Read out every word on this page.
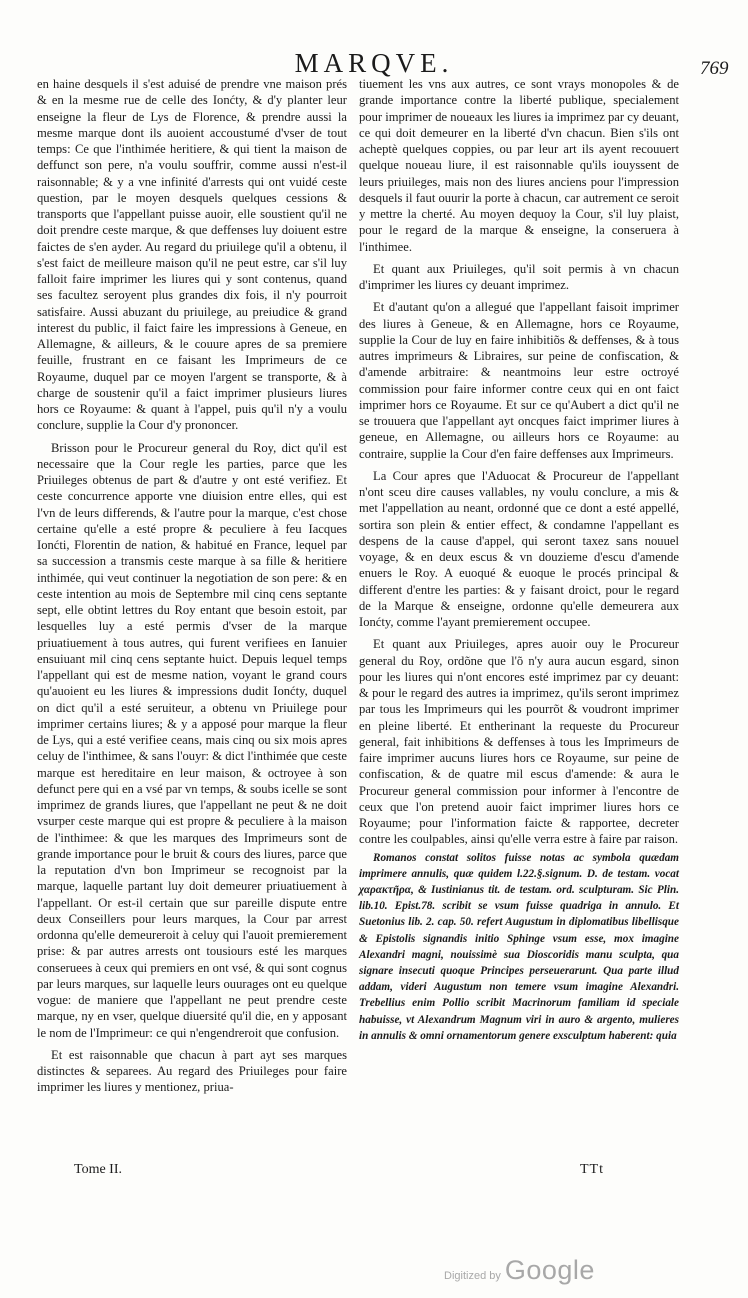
MARQVE.	769

en haine desquels il s'est aduisé de prendre vne maison prés & en la mesme rue de celle des Ionćty, & d'y planter leur enseigne la fleur de Lys de Florence, & prendre aussi la mesme marque dont ils auoient accoustumé d'vser de tout temps: Ce que l'inthimée heritiere, & qui tient la maison de deffunct son pere, n'a voulu souffrir, comme aussi n'est-il raisonnable; & y a vne infinité d'arrests qui ont vuidé ceste question, par le moyen desquels quelques cessions & transports que l'appellant puisse auoir, elle soustient qu'il ne doit prendre ceste marque, & que deffenses luy doiuent estre faictes de s'en ayder. Au regard du priuilege qu'il a obtenu, il s'est faict de meilleure maison qu'il ne peut estre, car s'il luy falloit faire imprimer les liures qui y sont contenus, quand ses facultez seroyent plus grandes dix fois, il n'y pourroit satisfaire. Aussi abuzant du priuilege, au preiudice & grand interest du public, il faict faire les impressions à Geneue, en Allemagne, & ailleurs, & le couure apres de sa premiere feuille, frustrant en ce faisant les Imprimeurs de ce Royaume, duquel par ce moyen l'argent se transporte, & à charge de soustenir qu'il a faict imprimer plusieurs liures hors ce Royaume: & quant à l'appel, puis qu'il n'y a voulu conclure, supplie la Cour d'y prononcer.

Brisson pour le Procureur general du Roy, dict qu'il est necessaire que la Cour regle les parties, parce que les Priuileges obtenus de part & d'autre y ont esté verifiez. Et ceste concurrence apporte vne diuision entre elles, qui est l'vn de leurs differends, & l'autre pour la marque, c'est chose certaine qu'elle a esté propre & peculiere à feu Iacques Ionćti, Florentin de nation, & habitué en France, lequel par sa succession a transmis ceste marque à sa fille & heritiere inthimée, qui veut continuer la negotiation de son pere: & en ceste intention au mois de Septembre mil cinq cens septante sept, elle obtint lettres du Roy entant que besoin estoit, par lesquelles luy a esté permis d'vser de la marque priuatiuement à tous autres, qui furent verifiees en Ianuier ensuiuant mil cinq cens septante huict. Depuis lequel temps l'appellant qui est de mesme nation, voyant le grand cours qu'auoient eu les liures & impressions dudit Ionćty, duquel on dict qu'il a esté seruiteur, a obtenu vn Priuilege pour imprimer certains liures; & y a apposé pour marque la fleur de Lys, qui a esté verifiee ceans, mais cinq ou six mois apres celuy de l'inthimee, & sans l'ouyr: & dict l'inthimée que ceste marque est hereditaire en leur maison, & octroyee à son defunct pere qui en a vsé par vn temps, & soubs icelle se sont imprimez de grands liures, que l'appellant ne peut & ne doit vsurper ceste marque qui est propre & peculiere à la maison de l'inthimee: & que les marques des Imprimeurs sont de grande importance pour le bruit & cours des liures, parce que la reputation d'vn bon Imprimeur se recognoist par la marque, laquelle partant luy doit demeurer priuatiuement à l'appellant. Or est-il certain que sur pareille dispute entre deux Conseillers pour leurs marques, la Cour par arrest ordonna qu'elle demeureroit à celuy qui l'auoit premierement prise: & par autres arrests ont tousiours esté les marques conseruees à ceux qui premiers en ont vsé, & qui sont cognus par leurs marques, sur laquelle leurs ouurages ont eu quelque vogue: de maniere que l'appellant ne peut prendre ceste marque, ny en vser, quelque diuersité qu'il die, en y apposant le nom de l'Imprimeur: ce qui n'engendreroit que confusion.

Et est raisonnable que chacun à part ayt ses marques distinctes & separees. Au regard des Priuileges pour faire imprimer les liures y mentionez, priua-

tiuement les vns aux autres, ce sont vrays monopoles & de grande importance contre la liberté publique, specialement pour imprimer de noueaux les liures ia imprimez par cy deuant, ce qui doit demeurer en la liberté d'vn chacun. Bien s'ils ont acheptè quelques coppies, ou par leur art ils ayent recouuert quelque noueau liure, il est raisonnable qu'ils iouyssent de leurs priuileges, mais non des liures anciens pour l'impression desquels il faut ouurir la porte à chacun, car autrement ce seroit y mettre la cherté. Au moyen dequoy la Cour, s'il luy plaist, pour le regard de la marque & enseigne, la conseruera à l'inthimee.

Et quant aux Priuileges, qu'il soit permis à vn chacun d'imprimer les liures cy deuant imprimez.

Et d'autant qu'on a allegué que l'appellant faisoit imprimer des liures à Geneue, & en Allemagne, hors ce Royaume, supplie la Cour de luy en faire inhibitiõs & deffenses, & à tous autres imprimeurs & Libraires, sur peine de confiscation, & d'amende arbitraire: & neantmoins leur estre octroyé commission pour faire informer contre ceux qui en ont faict imprimer hors ce Royaume. Et sur ce qu'Aubert a dict qu'il ne se trouuera que l'appellant ayt oncques faict imprimer liures à geneue, en Allemagne, ou ailleurs hors ce Royaume: au contraire, supplie la Cour d'en faire deffenses aux Imprimeurs.

La Cour apres que l'Aduocat & Procureur de l'appellant n'ont sceu dire causes vallables, ny voulu conclure, a mis & met l'appellation au neant, ordonné que ce dont a esté appellé, sortira son plein & entier effect, & condamne l'appellant es despens de la cause d'appel, qui seront taxez sans nouuel voyage, & en deux escus & vn douzieme d'escu d'amende enuers le Roy. A euoqué & euoque le procés principal & different d'entre les parties: & y faisant droict, pour le regard de la Marque & enseigne, ordonne qu'elle demeurera aux Ionćty, comme l'ayant premierement occupee.

Et quant aux Priuileges, apres auoir ouy le Procureur general du Roy, ordõne que l'õ n'y aura aucun esgard, sinon pour les liures qui n'ont encores esté imprimez par cy deuant: & pour le regard des autres ia imprimez, qu'ils seront imprimez par tous les Imprimeurs qui les pourrõt & voudront imprimer en pleine liberté. Et entherinant la requeste du Procureur general, fait inhibitions & deffenses à tous les Imprimeurs de faire imprimer aucuns liures hors ce Royaume, sur peine de confiscation, & de quatre mil escus d'amende: & aura le Procureur general commission pour informer à l'encontre de ceux que l'on pretend auoir faict imprimer liures hors ce Royaume; pour l'information faicte & rapportee, decreter contre les coulpables, ainsi qu'elle verra estre à faire par raison.

Romanos constat solitos fuisse notas ac symbola quædam imprimere annulis, quæ quidem l.22.§.signum. D. de testam. vocat χαρακτῆρα, & Iustinianus tit. de testam. ord. sculpturam. Sic Plin. lib.10. Epist.78. scribit se vsum fuisse quadriga in annulo. Et Suetonius lib. 2. cap. 50. refert Augustum in diplomatibus libellisque & Epistolis signandis initio Sphinge vsum esse, mox imagine Alexandri magni, nouissimè sua Dioscoridis manu sculpta, qua signare insecuti quoque Principes perseuerarunt. Qua parte illud addam, videri Augustum non temere vsum imagine Alexandri. Trebellius enim Pollio scribit Macrinorum familiam id speciale habuisse, vt Alexandrum Magnum viri in auro & argento, mulieres in annulis & omni ornamentorum genere exsculptum haberent: quia

Tome II.	TTt
Digitized by Google
